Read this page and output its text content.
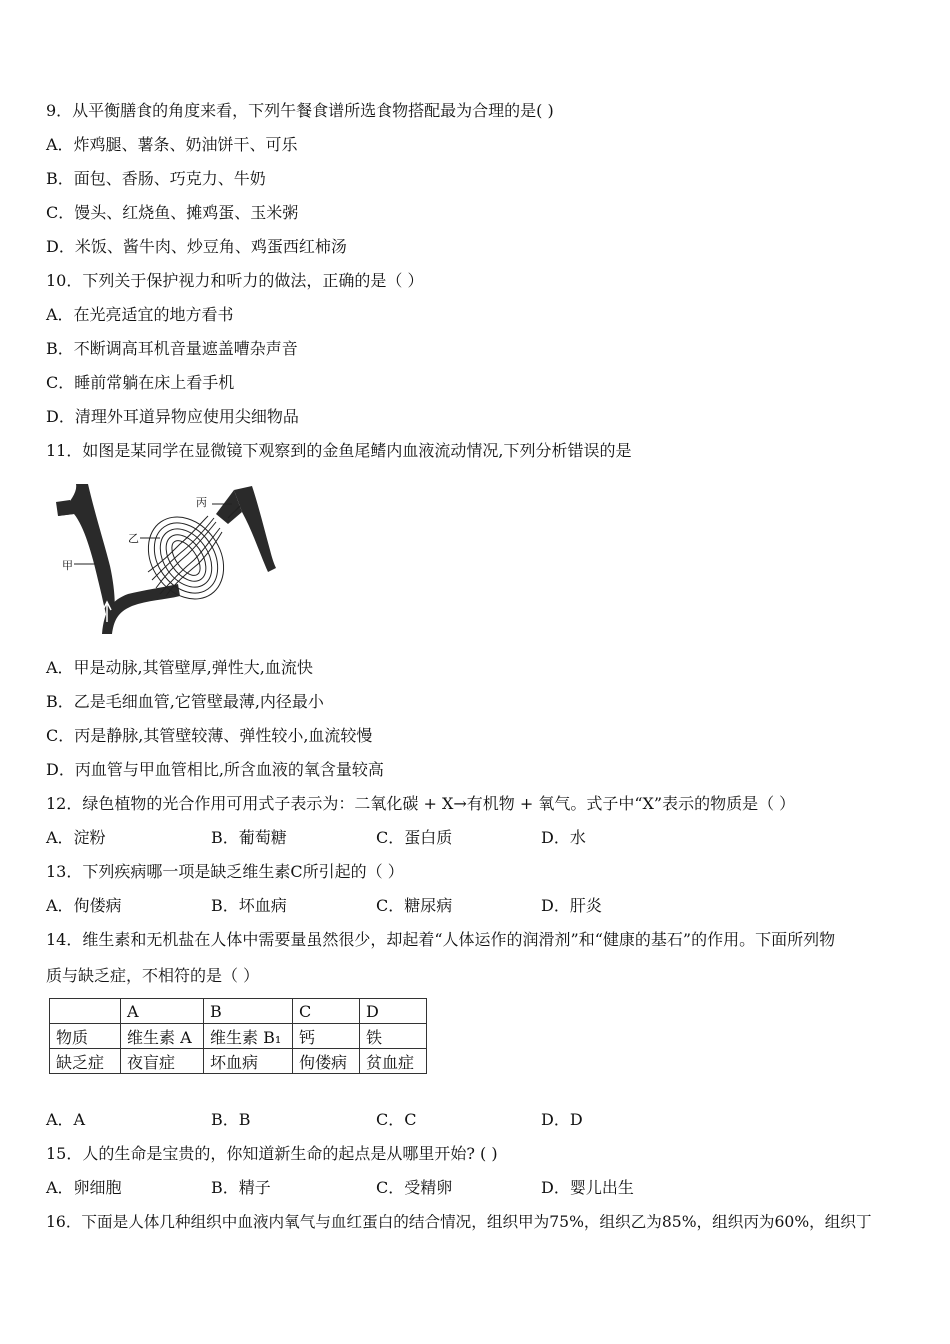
9．从平衡膳食的角度来看，下列午餐食谱所选食物搭配最为合理的是( )
A．炸鸡腿、薯条、奶油饼干、可乐
B．面包、香肠、巧克力、牛奶
C．馒头、红烧鱼、摊鸡蛋、玉米粥
D．米饭、酱牛肉、炒豆角、鸡蛋西红柿汤
10．下列关于保护视力和听力的做法，正确的是（ ）
A．在光亮适宜的地方看书
B．不断调高耳机音量遮盖嘈杂声音
C．睡前常躺在床上看手机
D．清理外耳道异物应使用尖细物品
11．如图是某同学在显微镜下观察到的金鱼尾鳍内血液流动情况,下列分析错误的是
甲
乙
丙
A．甲是动脉,其管壁厚,弹性大,血流快
B．乙是毛细血管,它管壁最薄,内径最小
C．丙是静脉,其管壁较薄、弹性较小,血流较慢
D．丙血管与甲血管相比,所含血液的氧含量较高
12．绿色植物的光合作用可用式子表示为：二氧化碳 + X→有机物 + 氧气。式子中“X”表示的物质是（ ）
A．淀粉	B．葡萄糖	C．蛋白质	D．水
13．下列疾病哪一项是缺乏维生素C所引起的（ ）
A．佝偻病	B．坏血病	C．糖尿病	D．肝炎
14．维生素和无机盐在人体中需要量虽然很少，却起着“人体运作的润滑剂”和“健康的基石”的作用。下面所列物
质与缺乏症，不相符的是（ ）
	A	B	C	D
物质	维生素 A	维生素 B₁	钙	铁
缺乏症	夜盲症	坏血病	佝偻病	贫血症
A．A	B．B	C．C	D．D
15．人的生命是宝贵的，你知道新生命的起点是从哪里开始? ( )
A．卵细胞	B．精子	C．受精卵	D．婴儿出生
16．下面是人体几种组织中血液内氧气与血红蛋白的结合情况，组织甲为75%，组织乙为85%，组织丙为60%，组织丁
